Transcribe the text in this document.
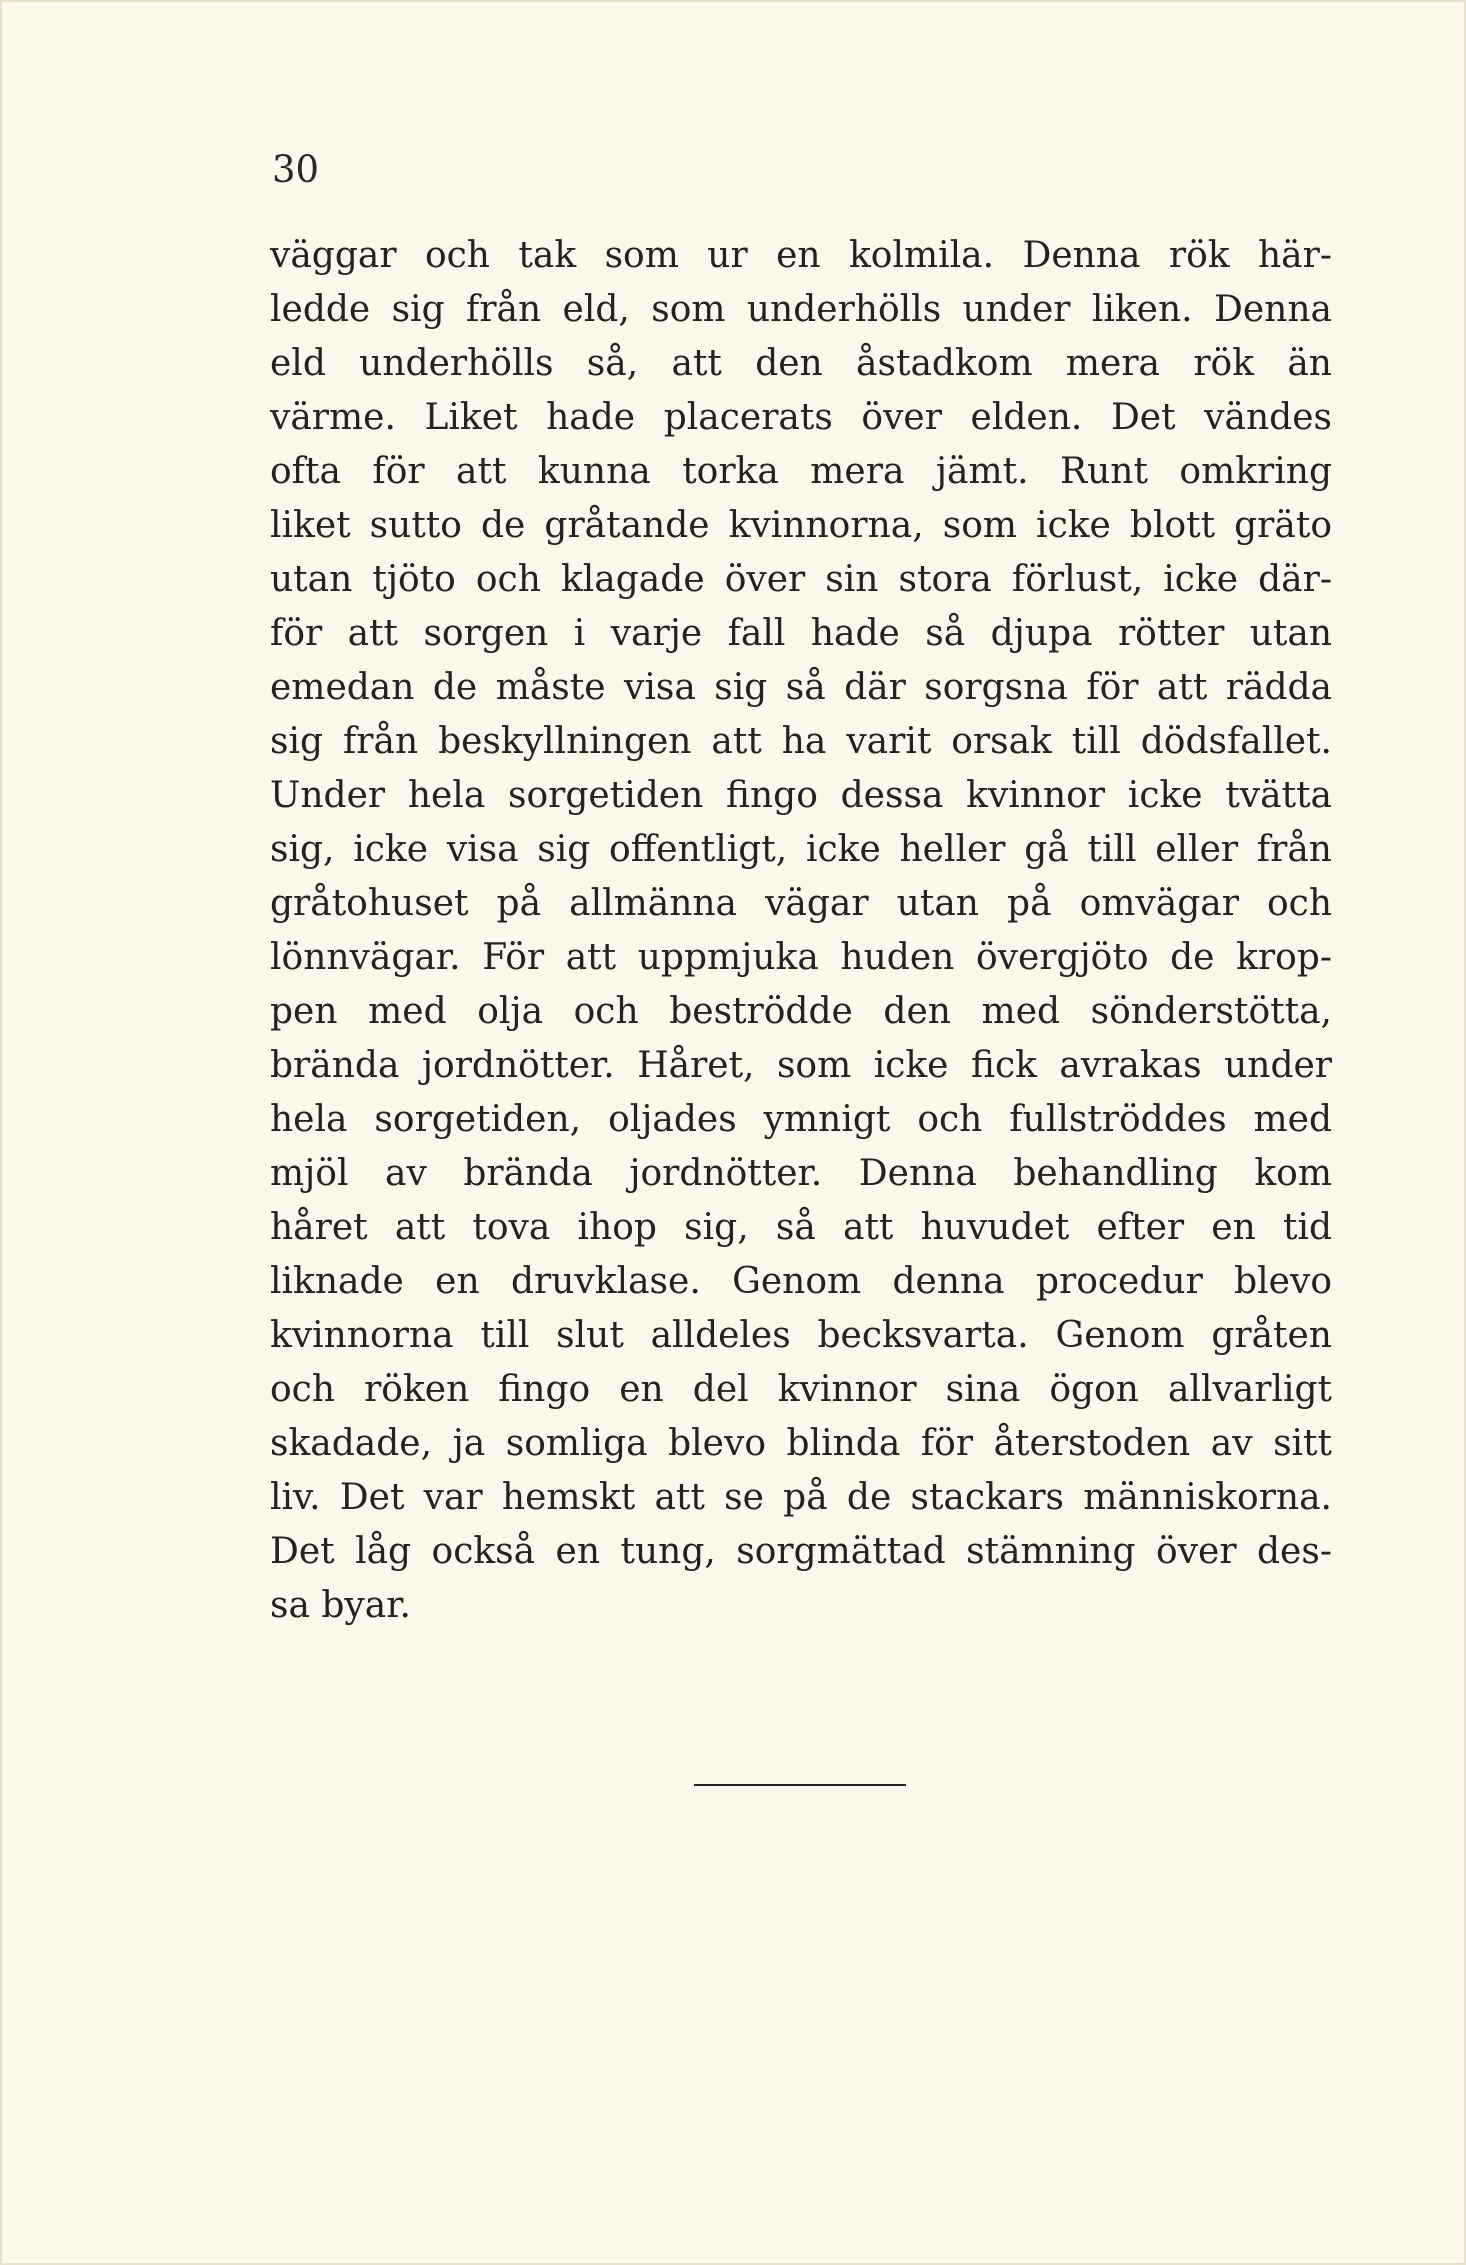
30

väggar och tak som ur en kolmila. Denna rök här-
ledde sig från eld, som underhölls under liken. Denna
eld underhölls så, att den åstadkom mera rök än
värme. Liket hade placerats över elden. Det vändes
ofta för att kunna torka mera jämt. Runt omkring
liket sutto de gråtande kvinnorna, som icke blott gräto
utan tjöto och klagade över sin stora förlust, icke där-
för att sorgen i varje fall hade så djupa rötter utan
emedan de måste visa sig så där sorgsna för att rädda
sig från beskyllningen att ha varit orsak till dödsfallet.
Under hela sorgetiden fingo dessa kvinnor icke tvätta
sig, icke visa sig offentligt, icke heller gå till eller från
gråtohuset på allmänna vägar utan på omvägar och
lönnvägar. För att uppmjuka huden övergjöto de krop-
pen med olja och beströdde den med sönderstötta,
brända jordnötter. Håret, som icke fick avrakas under
hela sorgetiden, oljades ymnigt och fullströddes med
mjöl av brända jordnötter. Denna behandling kom
håret att tova ihop sig, så att huvudet efter en tid
liknade en druvklase. Genom denna procedur blevo
kvinnorna till slut alldeles becksvarta. Genom gråten
och röken fingo en del kvinnor sina ögon allvarligt
skadade, ja somliga blevo blinda för återstoden av sitt
liv. Det var hemskt att se på de stackars människorna.
Det låg också en tung, sorgmättad stämning över des-
sa byar.
